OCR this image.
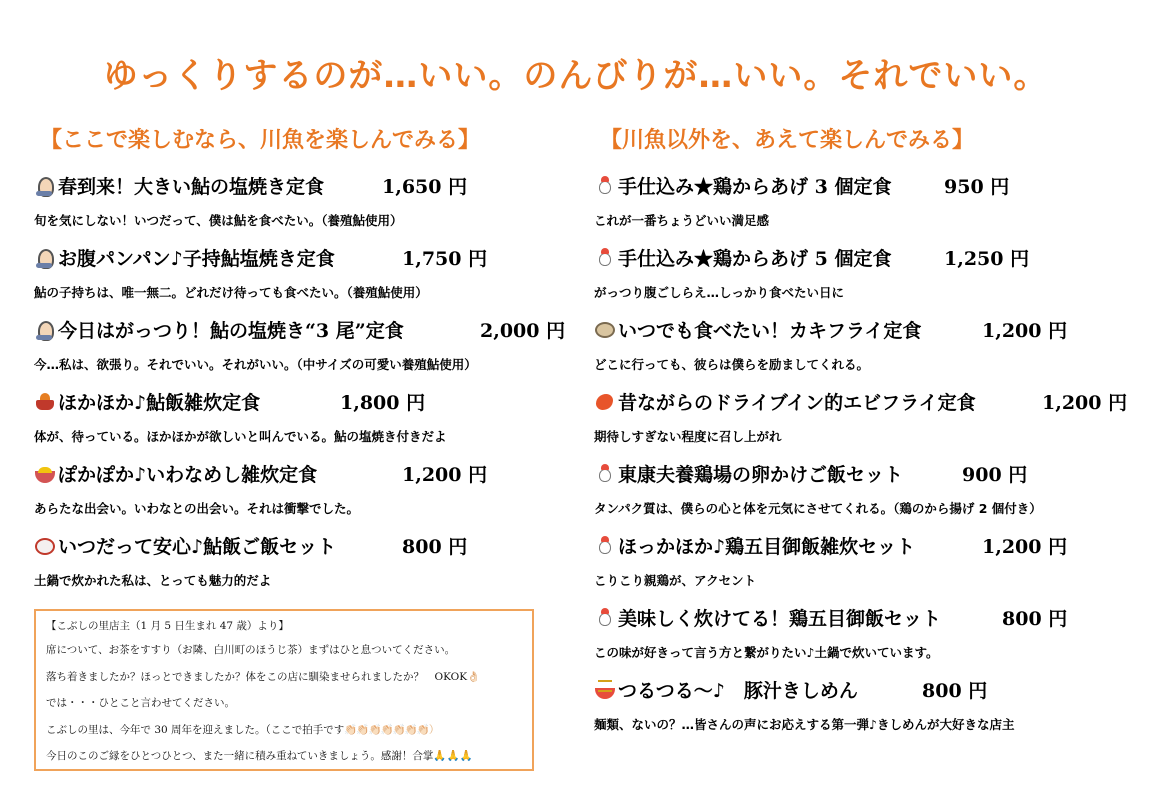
ゆっくりするのが…いい。のんびりが…いい。それでいい。
【ここで楽しむなら、川魚を楽しんでみる】
春到来！大きい鮎の塩焼き定食	1,650 円
旬を気にしない！いつだって、僕は鮎を食べたい。（養殖鮎使用）
お腹パンパン♪子持鮎塩焼き定食	1,750 円
鮎の子持ちは、唯一無二。どれだけ待っても食べたい。（養殖鮎使用）
今日はがっつり！鮎の塩焼き“3 尾”定食	2,000 円
今…私は、欲張り。それでいい。それがいい。（中サイズの可愛い養殖鮎使用）
ほかほか♪鮎飯雑炊定食	1,800 円
体が、待っている。ほかほかが欲しいと叫んでいる。鮎の塩焼き付きだよ
ぽかぽか♪いわなめし雑炊定食	1,200 円
あらたな出会い。いわなとの出会い。それは衝撃でした。
いつだって安心♪鮎飯ご飯セット	800 円
土鍋で炊かれた私は、とっても魅力的だよ
【川魚以外を、あえて楽しんでみる】
手仕込み★鶏からあげ 3 個定食	950 円
これが一番ちょうどいい満足感
手仕込み★鶏からあげ 5 個定食	1,250 円
がっつり腹ごしらえ…しっかり食べたい日に
いつでも食べたい！カキフライ定食	1,200 円
どこに行っても、彼らは僕らを励ましてくれる。
昔ながらのドライブイン的エビフライ定食	1,200 円
期待しすぎない程度に召し上がれ
東康夫養鶏場の卵かけご飯セット	900 円
タンパク質は、僕らの心と体を元気にさせてくれる。（鶏のから揚げ 2 個付き）
ほっかほか♪鶏五目御飯雑炊セット	1,200 円
こりこり親鶏が、アクセント
美味しく炊けてる！鶏五目御飯セット	800 円
この味が好きって言う方と繋がりたい♪土鍋で炊いています。
つるつる～♪　豚汁きしめん	800 円
麺類、ないの？…皆さんの声にお応えする第一弾♪きしめんが大好きな店主
【こぶしの里店主（1 月 5 日生まれ 47 歳）より】
席について、お茶をすすり（お隣、白川町のほうじ茶）まずはひと息ついてください。
落ち着きましたか？ほっとできましたか？体をこの店に馴染ませられましたか？　OKOK👌🏻
では・・・ひとこと言わせてください。
こぶしの里は、今年で 30 周年を迎えました。（ここで拍手です👏🏻👏🏻👏🏻👏🏻👏🏻👏🏻👏🏻）
今日のこのご縁をひとつひとつ、また一緒に積み重ねていきましょう。感謝！合掌🙏🙏🙏
